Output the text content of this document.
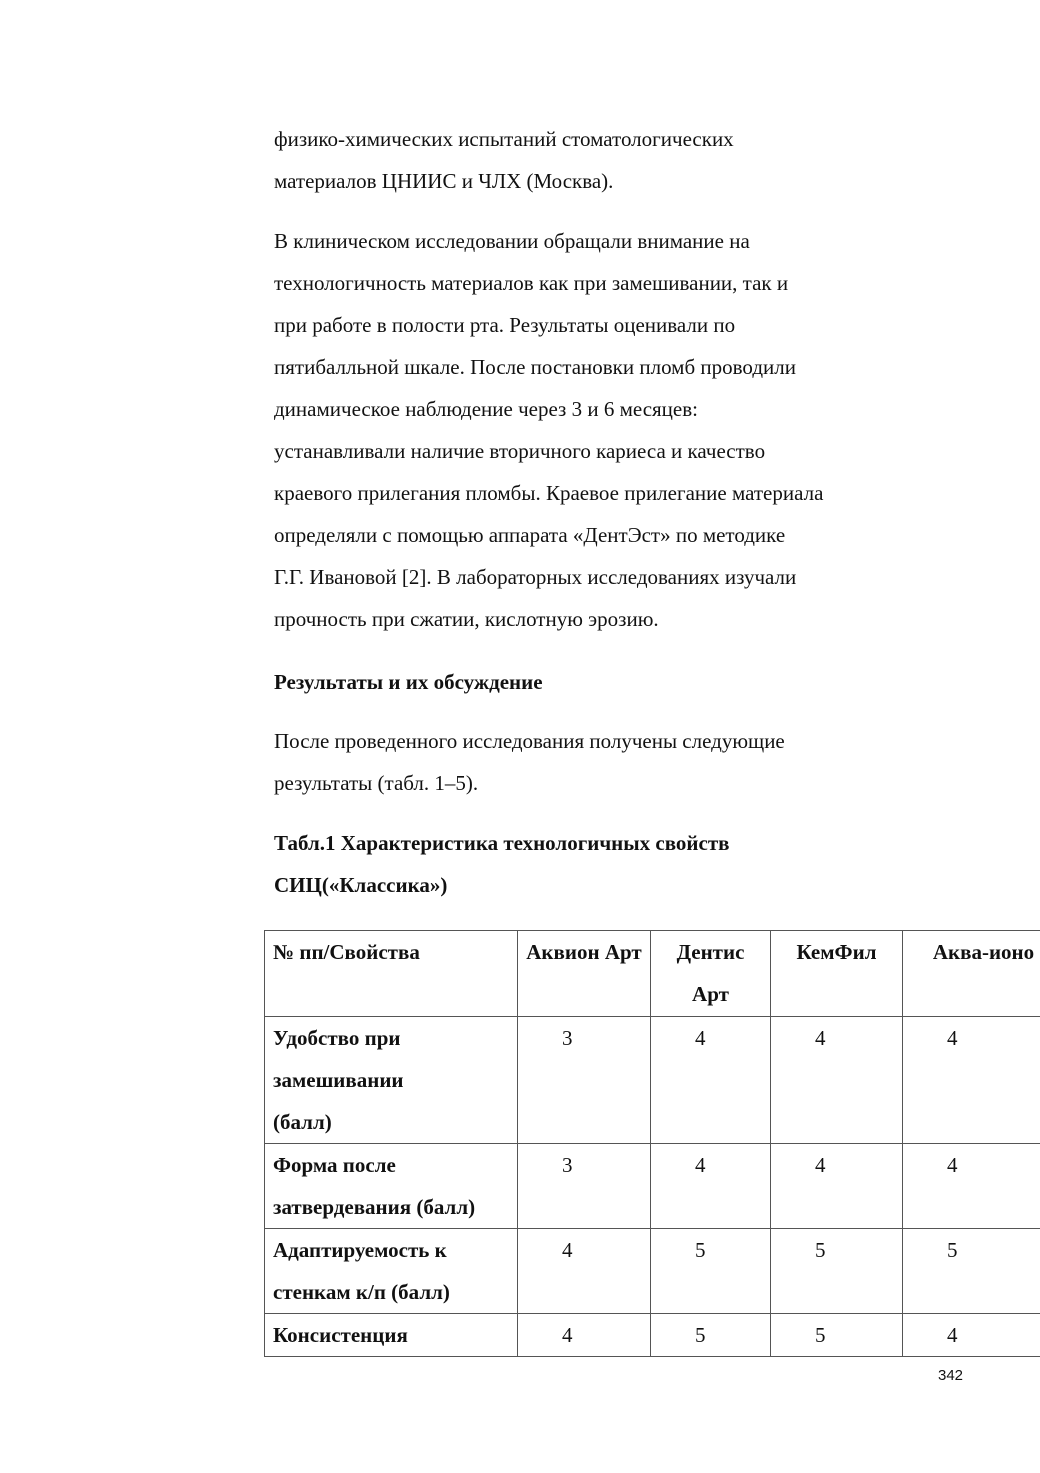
физико-химических испытаний стоматологических
материалов ЦНИИС и ЧЛХ (Москва).
В клиническом исследовании обращали внимание на
технологичность материалов как при замешивании, так и
при работе в полости рта. Результаты оценивали по
пятибалльной шкале. После постановки пломб проводили
динамическое наблюдение через 3 и 6 месяцев:
устанавливали наличие вторичного кариеса и качество
краевого прилегания пломбы. Краевое прилегание материала
определяли с помощью аппарата «ДентЭст» по методике
Г.Г. Ивановой [2]. В лабораторных исследованиях изучали
прочность при сжатии, кислотную эрозию.
Результаты и их обсуждение
После проведенного исследования получены следующие
результаты (табл. 1–5).
Табл.1 Характеристика технологичных свойств
СИЦ(«Классика»)
№ пп/Свойства	Аквион Арт	Дентис Арт	КемФил	Аква-ионо
Удобство при
замешивании
(балл)	3	4	4	4
Форма после
затвердевания (балл)	3	4	4	4
Адаптируемость к
стенкам к/п (балл)	4	5	5	5
Консистенция	4	5	5	4
342
